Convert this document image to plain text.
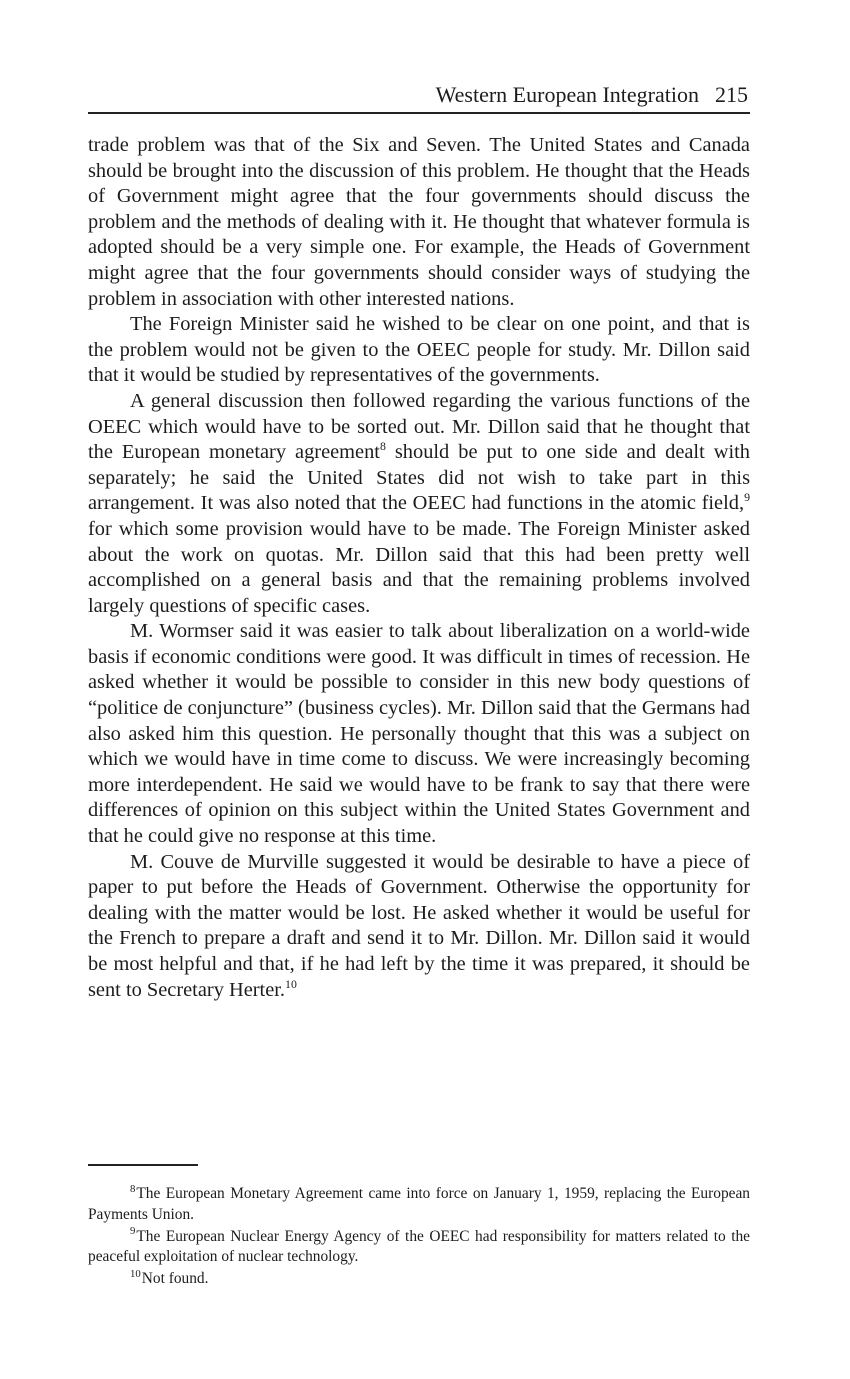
Western European Integration 215

trade problem was that of the Six and Seven. The United States and Canada should be brought into the discussion of this problem. He thought that the Heads of Government might agree that the four governments should discuss the problem and the methods of dealing with it. He thought that whatever formula is adopted should be a very simple one. For example, the Heads of Government might agree that the four governments should consider ways of studying the problem in association with other interested nations.

The Foreign Minister said he wished to be clear on one point, and that is the problem would not be given to the OEEC people for study. Mr. Dillon said that it would be studied by representatives of the governments.

A general discussion then followed regarding the various functions of the OEEC which would have to be sorted out. Mr. Dillon said that he thought that the European monetary agreement$^8$ should be put to one side and dealt with separately; he said the United States did not wish to take part in this arrangement. It was also noted that the OEEC had functions in the atomic field,$^9$ for which some provision would have to be made. The Foreign Minister asked about the work on quotas. Mr. Dillon said that this had been pretty well accomplished on a general basis and that the remaining problems involved largely questions of specific cases.

M. Wormser said it was easier to talk about liberalization on a world-wide basis if economic conditions were good. It was difficult in times of recession. He asked whether it would be possible to consider in this new body questions of “politice de conjuncture” (business cycles). Mr. Dillon said that the Germans had also asked him this question. He personally thought that this was a subject on which we would have in time come to discuss. We were increasingly becoming more interdependent. He said we would have to be frank to say that there were differences of opinion on this subject within the United States Government and that he could give no response at this time.

M. Couve de Murville suggested it would be desirable to have a piece of paper to put before the Heads of Government. Otherwise the opportunity for dealing with the matter would be lost. He asked whether it would be useful for the French to prepare a draft and send it to Mr. Dillon. Mr. Dillon said it would be most helpful and that, if he had left by the time it was prepared, it should be sent to Secretary Herter.$^{10}$

$^8$The European Monetary Agreement came into force on January 1, 1959, replacing the European Payments Union.

$^9$The European Nuclear Energy Agency of the OEEC had responsibility for matters related to the peaceful exploitation of nuclear technology.

$^{10}$Not found.
